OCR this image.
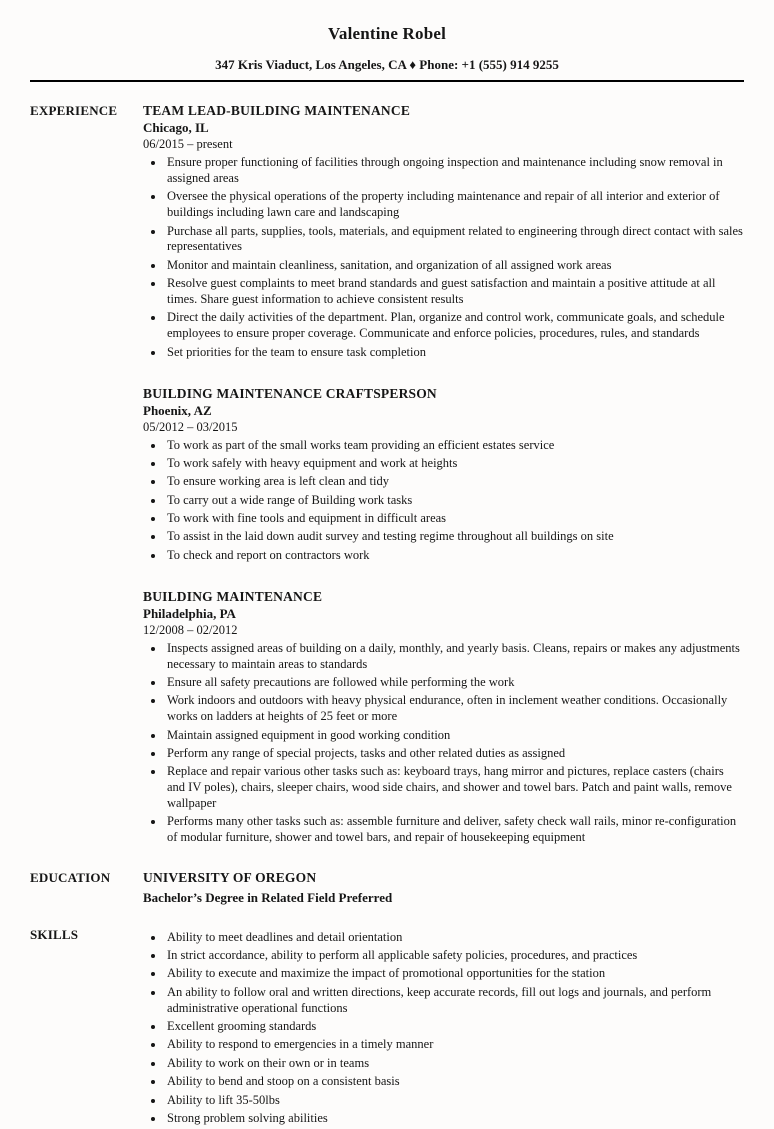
Valentine Robel
347 Kris Viaduct, Los Angeles, CA ♦ Phone: +1 (555) 914 9255
EXPERIENCE	TEAM LEAD-BUILDING MAINTENANCE
Chicago, IL
06/2015 – present
• Ensure proper functioning of facilities through ongoing inspection and maintenance including snow removal in assigned areas
• Oversee the physical operations of the property including maintenance and repair of all interior and exterior of buildings including lawn care and landscaping
• Purchase all parts, supplies, tools, materials, and equipment related to engineering through direct contact with sales representatives
• Monitor and maintain cleanliness, sanitation, and organization of all assigned work areas
• Resolve guest complaints to meet brand standards and guest satisfaction and maintain a positive attitude at all times. Share guest information to achieve consistent results
• Direct the daily activities of the department. Plan, organize and control work, communicate goals, and schedule employees to ensure proper coverage. Communicate and enforce policies, procedures, rules, and standards
• Set priorities for the team to ensure task completion
BUILDING MAINTENANCE CRAFTSPERSON
Phoenix, AZ
05/2012 – 03/2015
• To work as part of the small works team providing an efficient estates service
• To work safely with heavy equipment and work at heights
• To ensure working area is left clean and tidy
• To carry out a wide range of Building work tasks
• To work with fine tools and equipment in difficult areas
• To assist in the laid down audit survey and testing regime throughout all buildings on site
• To check and report on contractors work
BUILDING MAINTENANCE
Philadelphia, PA
12/2008 – 02/2012
• Inspects assigned areas of building on a daily, monthly, and yearly basis. Cleans, repairs or makes any adjustments necessary to maintain areas to standards
• Ensure all safety precautions are followed while performing the work
• Work indoors and outdoors with heavy physical endurance, often in inclement weather conditions. Occasionally works on ladders at heights of 25 feet or more
• Maintain assigned equipment in good working condition
• Perform any range of special projects, tasks and other related duties as assigned
• Replace and repair various other tasks such as: keyboard trays, hang mirror and pictures, replace casters (chairs and IV poles), chairs, sleeper chairs, wood side chairs, and shower and towel bars. Patch and paint walls, remove wallpaper
• Performs many other tasks such as: assemble furniture and deliver, safety check wall rails, minor re-configuration of modular furniture, shower and towel bars, and repair of housekeeping equipment
EDUCATION	UNIVERSITY OF OREGON
Bachelor’s Degree in Related Field Preferred
SKILLS	• Ability to meet deadlines and detail orientation
• In strict accordance, ability to perform all applicable safety policies, procedures, and practices
• Ability to execute and maximize the impact of promotional opportunities for the station
• An ability to follow oral and written directions, keep accurate records, fill out logs and journals, and perform administrative operational functions
• Excellent grooming standards
• Ability to respond to emergencies in a timely manner
• Ability to work on their own or in teams
• Ability to bend and stoop on a consistent basis
• Ability to lift 35-50lbs
• Strong problem solving abilities
